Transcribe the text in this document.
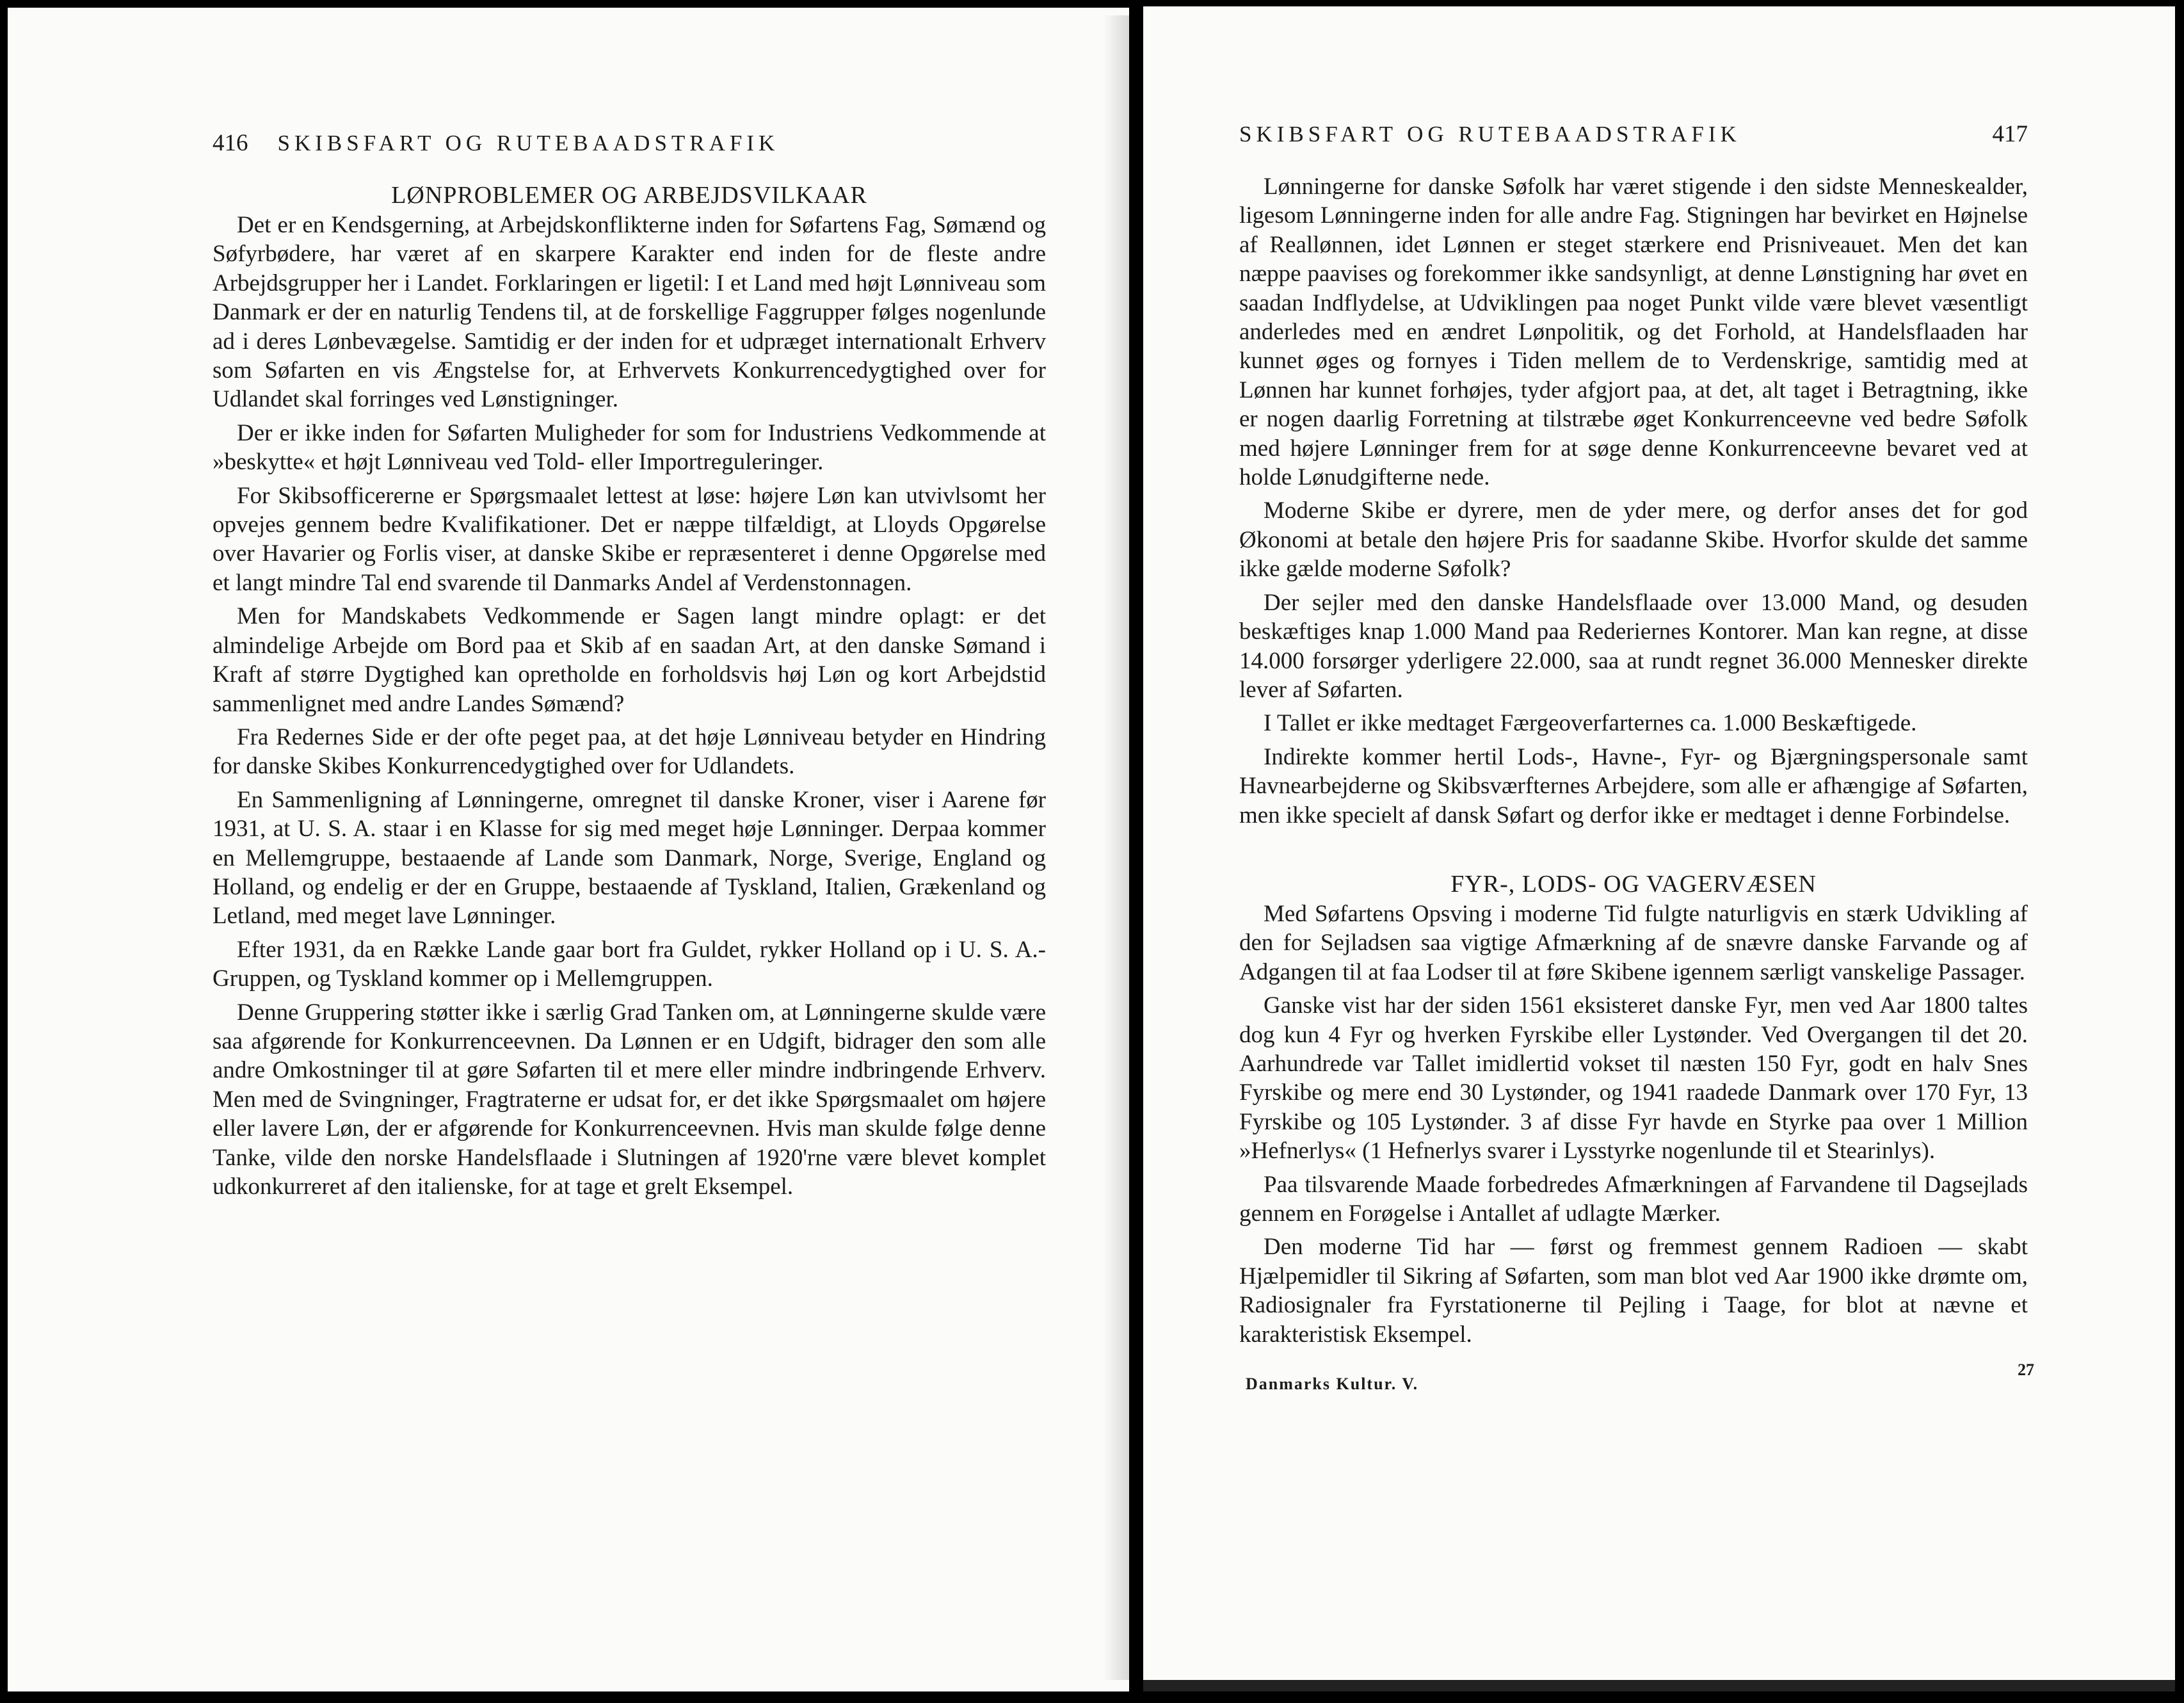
416 SKIBSFART OG RUTEBAADSTRAFIK
LØNPROBLEMER OG ARBEJDSVILKAAR

Det er en Kendsgerning, at Arbejdskonflikterne inden for Søfartens Fag, Sømænd og Søfyrbødere, har været af en skarpere Karakter end inden for de fleste andre Arbejdsgrupper her i Landet. Forklaringen er ligetil: I et Land med højt Lønniveau som Danmark er der en naturlig Tendens til, at de forskellige Faggrupper følges nogenlunde ad i deres Lønbevægelse. Samtidig er der inden for et udpræget internationalt Erhverv som Søfarten en vis Ængstelse for, at Erhvervets Konkurrencedygtighed over for Udlandet skal forringes ved Lønstigninger.

Der er ikke inden for Søfarten Muligheder for som for Industriens Vedkommende at »beskytte« et højt Lønniveau ved Told- eller Importreguleringer.

For Skibsofficererne er Spørgsmaalet lettest at løse: højere Løn kan utvivlsomt her opvejes gennem bedre Kvalifikationer. Det er næppe tilfældigt, at Lloyds Opgørelse over Havarier og Forlis viser, at danske Skibe er repræsenteret i denne Opgørelse med et langt mindre Tal end svarende til Danmarks Andel af Verdenstonnagen.

Men for Mandskabets Vedkommende er Sagen langt mindre oplagt: er det almindelige Arbejde om Bord paa et Skib af en saadan Art, at den danske Sømand i Kraft af større Dygtighed kan opretholde en forholdsvis høj Løn og kort Arbejdstid sammenlignet med andre Landes Sømænd?

Fra Redernes Side er der ofte peget paa, at det høje Lønniveau betyder en Hindring for danske Skibes Konkurrencedygtighed over for Udlandets.

En Sammenligning af Lønningerne, omregnet til danske Kroner, viser i Aarene før 1931, at U. S. A. staar i en Klasse for sig med meget høje Lønninger. Derpaa kommer en Mellemgruppe, bestaaende af Lande som Danmark, Norge, Sverige, England og Holland, og endelig er der en Gruppe, bestaaende af Tyskland, Italien, Grækenland og Letland, med meget lave Lønninger.

Efter 1931, da en Række Lande gaar bort fra Guldet, rykker Holland op i U. S. A.-Gruppen, og Tyskland kommer op i Mellemgruppen.

Denne Gruppering støtter ikke i særlig Grad Tanken om, at Lønningerne skulde være saa afgørende for Konkurrenceevnen. Da Lønnen er en Udgift, bidrager den som alle andre Omkostninger til at gøre Søfarten til et mere eller mindre indbringende Erhverv. Men med de Svingninger, Fragtraterne er udsat for, er det ikke Spørgsmaalet om højere eller lavere Løn, der er afgørende for Konkurrenceevnen. Hvis man skulde følge denne Tanke, vilde den norske Handelsflaade i Slutningen af 1920'rne være blevet komplet udkonkurreret af den italienske, for at tage et grelt Eksempel.

SKIBSFART OG RUTEBAADSTRAFIK	417

Lønningerne for danske Søfolk har været stigende i den sidste Menneskealder, ligesom Lønningerne inden for alle andre Fag. Stigningen har bevirket en Højnelse af Reallønnen, idet Lønnen er steget stærkere end Prisniveauet. Men det kan næppe paavises og forekommer ikke sandsynligt, at denne Lønstigning har øvet en saadan Indflydelse, at Udviklingen paa noget Punkt vilde være blevet væsentligt anderledes med en ændret Lønpolitik, og det Forhold, at Handelsflaaden har kunnet øges og fornyes i Tiden mellem de to Verdenskrige, samtidig med at Lønnen har kunnet forhøjes, tyder afgjort paa, at det, alt taget i Betragtning, ikke er nogen daarlig Forretning at tilstræbe øget Konkurrenceevne ved bedre Søfolk med højere Lønninger frem for at søge denne Konkurrenceevne bevaret ved at holde Lønudgifterne nede.

Moderne Skibe er dyrere, men de yder mere, og derfor anses det for god Økonomi at betale den højere Pris for saadanne Skibe. Hvorfor skulde det samme ikke gælde moderne Søfolk?

Der sejler med den danske Handelsflaade over 13.000 Mand, og desuden beskæftiges knap 1.000 Mand paa Rederiernes Kontorer. Man kan regne, at disse 14.000 forsørger yderligere 22.000, saa at rundt regnet 36.000 Mennesker direkte lever af Søfarten.

I Tallet er ikke medtaget Færgeoverfarternes ca. 1.000 Beskæftigede.

Indirekte kommer hertil Lods-, Havne-, Fyr- og Bjærgningspersonale samt Havnearbejderne og Skibsværfternes Arbejdere, som alle er afhængige af Søfarten, men ikke specielt af dansk Søfart og derfor ikke er medtaget i denne Forbindelse.

FYR-, LODS- OG VAGERVÆSEN

Med Søfartens Opsving i moderne Tid fulgte naturligvis en stærk Udvikling af den for Sejladsen saa vigtige Afmærkning af de snævre danske Farvande og af Adgangen til at faa Lodser til at føre Skibene igennem særligt vanskelige Passager.

Ganske vist har der siden 1561 eksisteret danske Fyr, men ved Aar 1800 taltes dog kun 4 Fyr og hverken Fyrskibe eller Lystønder. Ved Overgangen til det 20. Aarhundrede var Tallet imidlertid vokset til næsten 150 Fyr, godt en halv Snes Fyrskibe og mere end 30 Lystønder, og 1941 raadede Danmark over 170 Fyr, 13 Fyrskibe og 105 Lystønder. 3 af disse Fyr havde en Styrke paa over 1 Million »Hefnerlys« (1 Hefnerlys svarer i Lysstyrke nogenlunde til et Stearinlys).

Paa tilsvarende Maade forbedredes Afmærkningen af Farvandene til Dagsejlads gennem en Forøgelse i Antallet af udlagte Mærker.

Den moderne Tid har — først og fremmest gennem Radioen — skabt Hjælpemidler til Sikring af Søfarten, som man blot ved Aar 1900 ikke drømte om, Radiosignaler fra Fyrstationerne til Pejling i Taage, for blot at nævne et karakteristisk Eksempel.

Danmarks Kultur. V.
27
